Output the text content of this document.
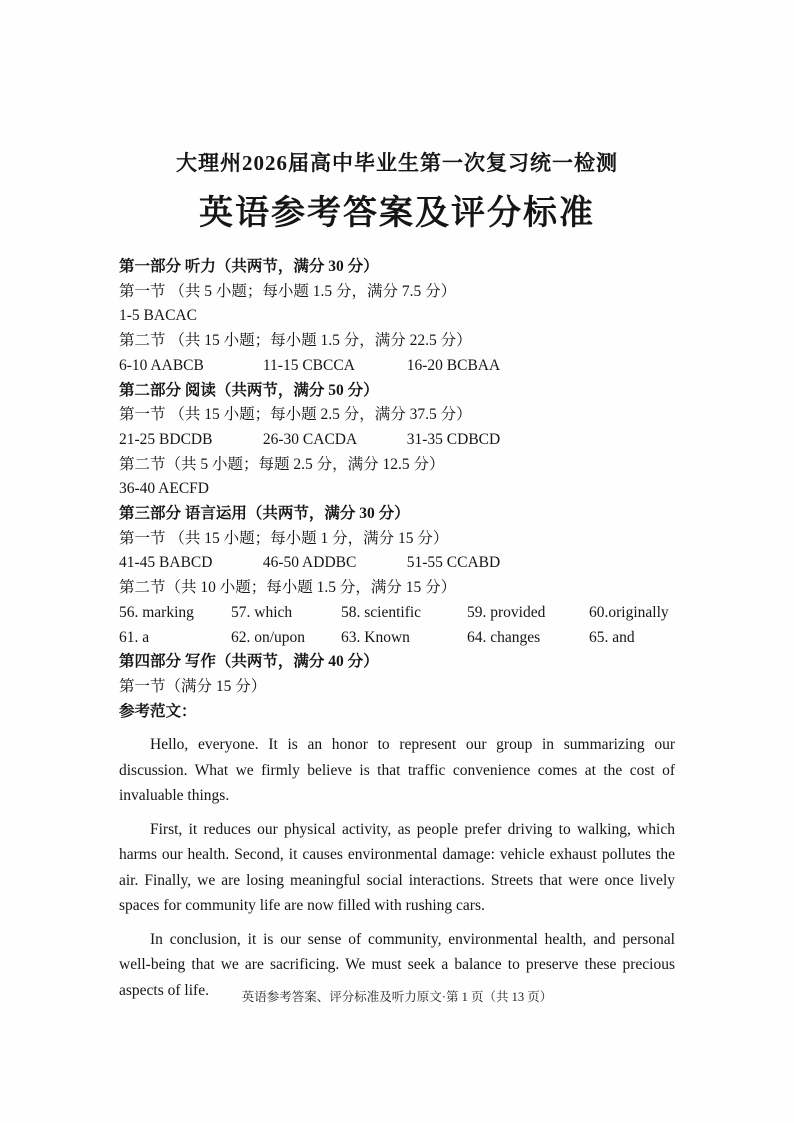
大理州2026届高中毕业生第一次复习统一检测
英语参考答案及评分标准

第一部分 听力（共两节，满分 30 分）

第一节 （共 5 小题；每小题 1.5 分，满分 7.5 分）

1-5 BACAC

第二节 （共 15 小题；每小题 1.5 分，满分 22.5 分）

6-10 AABCB	11-15 CBCCA	16-20 BCBAA

第二部分 阅读（共两节，满分 50 分）

第一节 （共 15 小题；每小题 2.5 分，满分 37.5 分）

21-25 BDCDB	26-30 CACDA	31-35 CDBCD

第二节（共 5 小题；每题 2.5 分，满分 12.5 分）

36-40 AECFD

第三部分 语言运用（共两节，满分 30 分）

第一节 （共 15 小题；每小题 1 分，满分 15 分）

41-45 BABCD	46-50 ADDBC	51-55 CCABD

第二节（共 10 小题；每小题 1.5 分，满分 15 分）

56. marking	57. which	58. scientific	59. provided	60.originally

61. a	62. on/upon	63. Known	64. changes	65. and

第四部分 写作（共两节，满分 40 分）

第一节（满分 15 分）

参考范文：

Hello, everyone. It is an honor to represent our group in summarizing our discussion. What we firmly believe is that traffic convenience comes at the cost of invaluable things.

First, it reduces our physical activity, as people prefer driving to walking, which harms our health. Second, it causes environmental damage: vehicle exhaust pollutes the air. Finally, we are losing meaningful social interactions. Streets that were once lively spaces for community life are now filled with rushing cars.

In conclusion, it is our sense of community, environmental health, and personal well-being that we are sacrificing. We must seek a balance to preserve these precious aspects of life.	英语参考答案、评分标准及听力原文·第 1 页（共 13 页）
